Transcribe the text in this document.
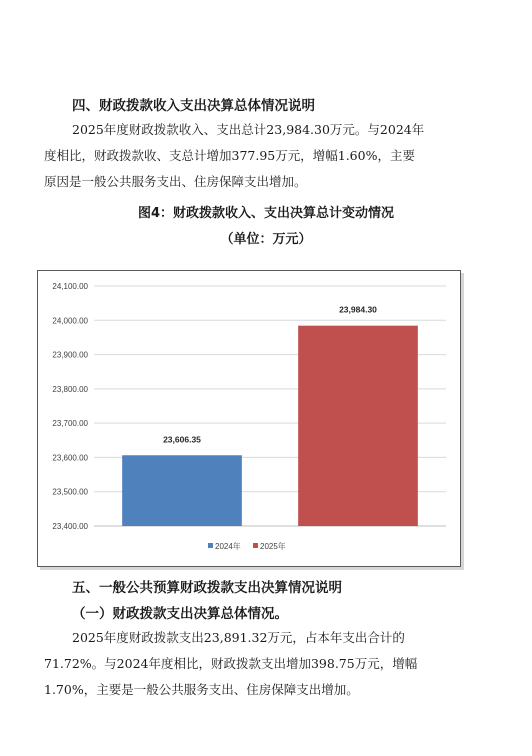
四、财政拨款收入支出决算总体情况说明
2025年度财政拨款收入、支出总计23,984.30万元。与2024年
度相比，财政拨款收、支总计增加377.95万元，增幅1.60%，主要
原因是一般公共服务支出、住房保障支出增加。
图4：财政拨款收入、支出决算总计变动情况
（单位：万元）
23,400.00
23,500.00
23,600.00
23,700.00
23,800.00
23,900.00
24,000.00
24,100.00
23,606.35
23,984.30
2024年 2025年
五、一般公共预算财政拨款支出决算情况说明
（一）财政拨款支出决算总体情况。
2025年度财政拨款支出23,891.32万元，占本年支出合计的
71.72%。与2024年度相比，财政拨款支出增加398.75万元，增幅
1.70%，主要是一般公共服务支出、住房保障支出增加。
